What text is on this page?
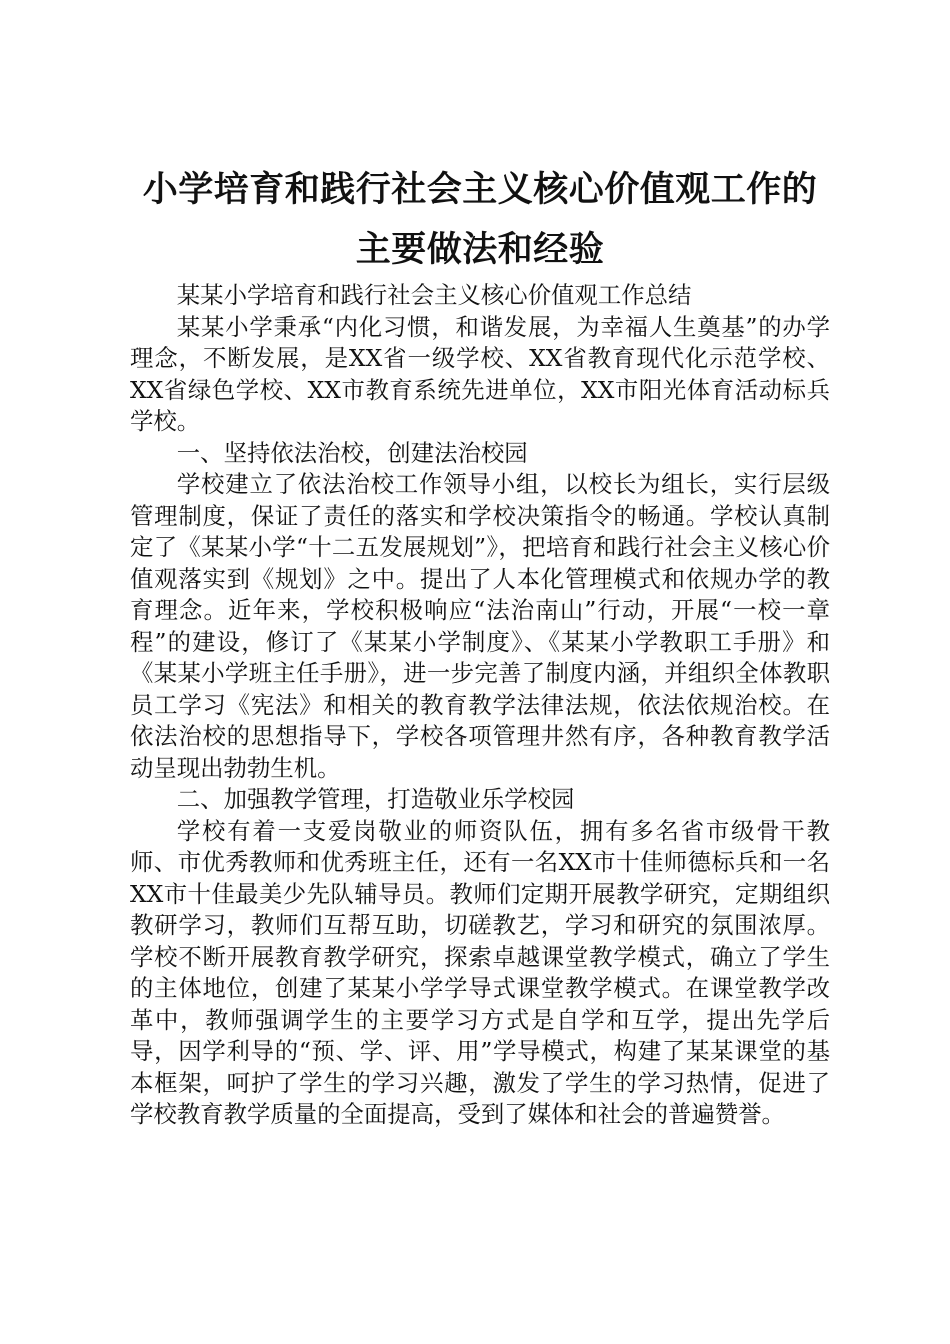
小学培育和践行社会主义核心价值观工作的主要做法和经验

某某小学培育和践行社会主义核心价值观工作总结

某某小学秉承“内化习惯，和谐发展，为幸福人生奠基”的办学理念，不断发展，是XX省一级学校、XX省教育现代化示范学校、XX省绿色学校、XX市教育系统先进单位，XX市阳光体育活动标兵学校。

一、坚持依法治校，创建法治校园

学校建立了依法治校工作领导小组，以校长为组长，实行层级管理制度，保证了责任的落实和学校决策指令的畅通。学校认真制定了《某某小学“十二五发展规划”》，把培育和践行社会主义核心价值观落实到《规划》之中。提出了人本化管理模式和依规办学的教育理念。近年来，学校积极响应“法治南山”行动，开展“一校一章程”的建设，修订了《某某小学制度》、《某某小学教职工手册》和《某某小学班主任手册》，进一步完善了制度内涵，并组织全体教职员工学习《宪法》和相关的教育教学法律法规，依法依规治校。在依法治校的思想指导下，学校各项管理井然有序，各种教育教学活动呈现出勃勃生机。

二、加强教学管理，打造敬业乐学校园

学校有着一支爱岗敬业的师资队伍，拥有多名省市级骨干教师、市优秀教师和优秀班主任，还有一名XX市十佳师德标兵和一名XX市十佳最美少先队辅导员。教师们定期开展教学研究，定期组织教研学习，教师们互帮互助，切磋教艺，学习和研究的氛围浓厚。学校不断开展教育教学研究，探索卓越课堂教学模式，确立了学生的主体地位，创建了某某小学学导式课堂教学模式。在课堂教学改革中，教师强调学生的主要学习方式是自学和互学，提出先学后导，因学利导的“预、学、评、用”学导模式，构建了某某课堂的基本框架，呵护了学生的学习兴趣，激发了学生的学习热情，促进了学校教育教学质量的全面提高，受到了媒体和社会的普遍赞誉。
